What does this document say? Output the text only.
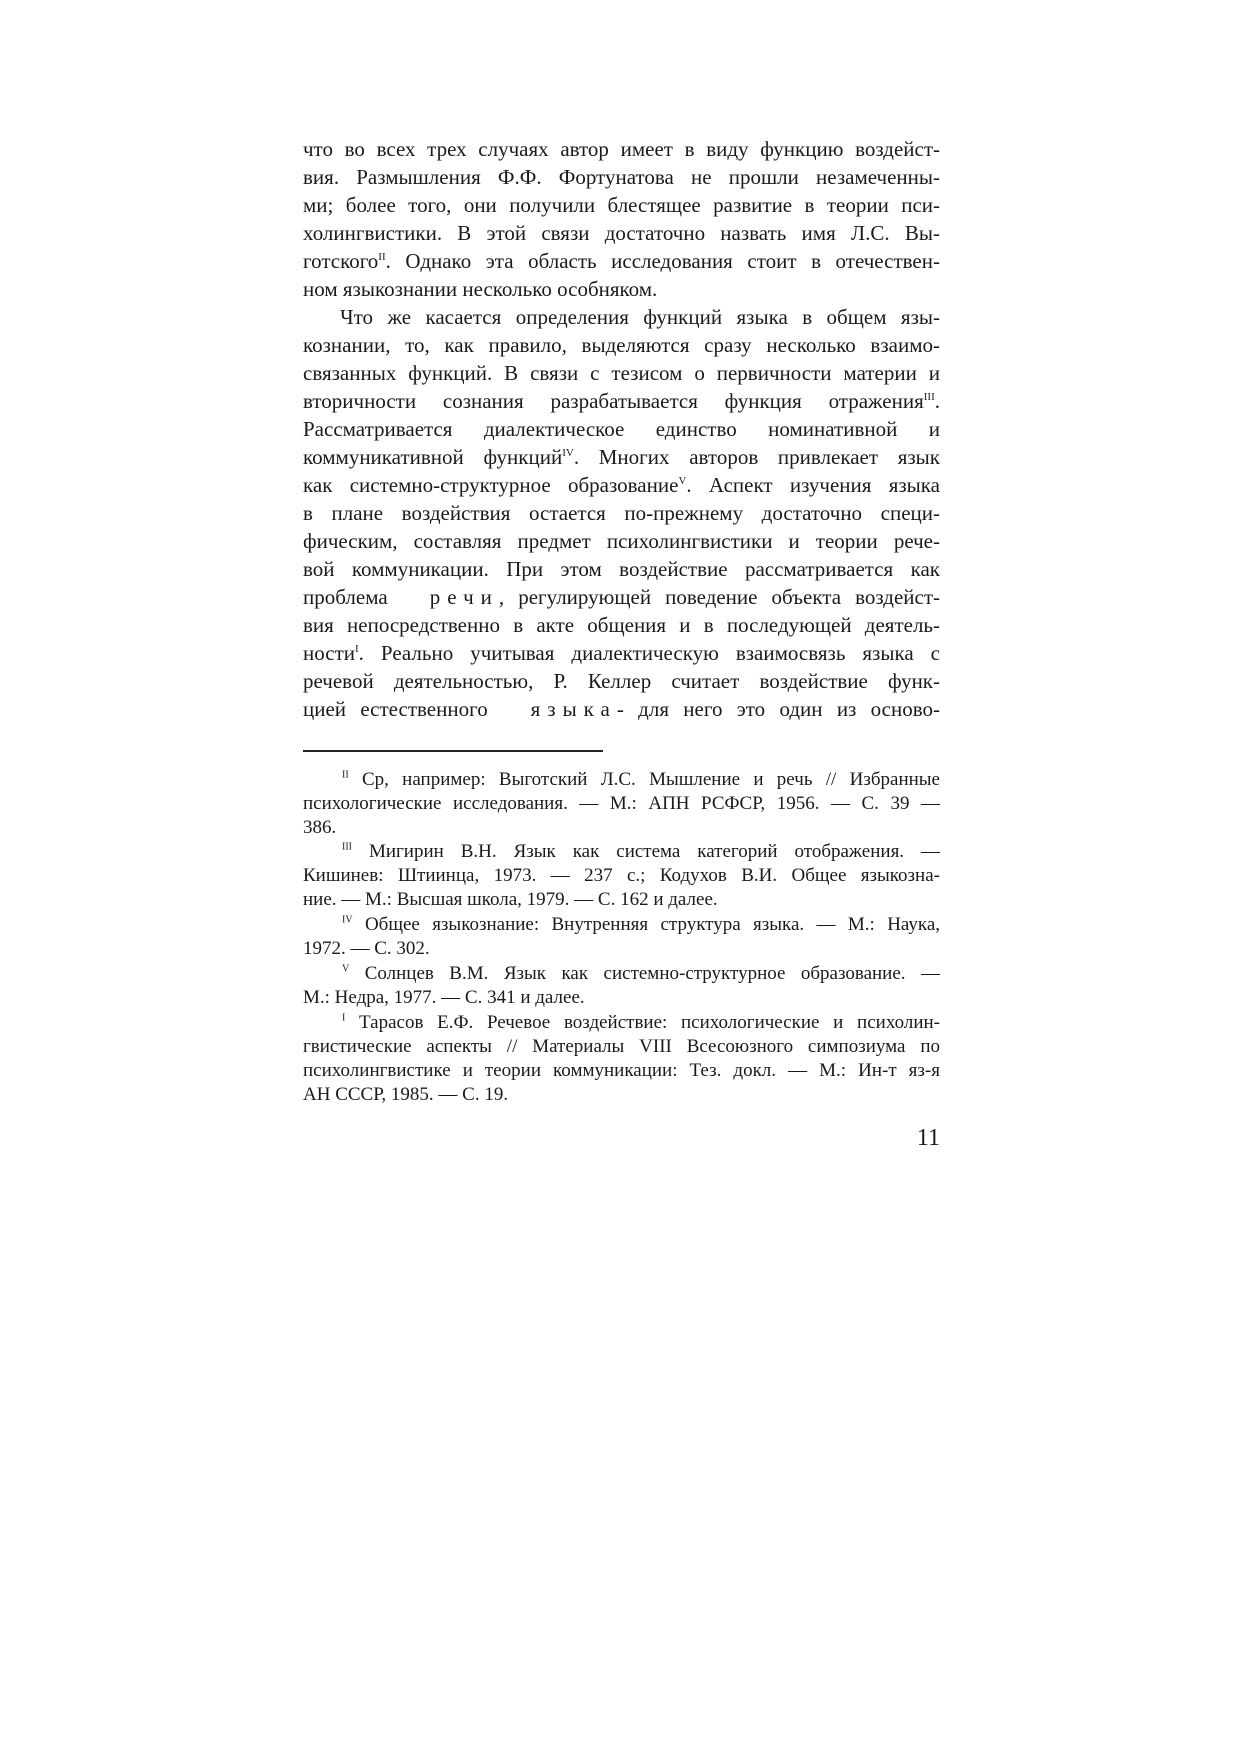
что во всех трех случаях автор имеет в виду функцию воздейст-
вия. Размышления Ф.Ф. Фортунатова не прошли незамеченны-
ми; более того, они получили блестящее развитие в теории пси-
холингвистики. В этой связи достаточно назвать имя Л.С. Вы-
готского$^{II}$. Однако эта область исследования стоит в отечествен-
ном языкознании несколько особняком.
Что же касается определения функций языка в общем язы-
кознании, то, как правило, выделяются сразу несколько взаимо-
связанных функций. В связи с тезисом о первичности материи и
вторичности сознания разрабатывается функция отражения$^{III}$.
Рассматривается диалектическое единство номинативной и
коммуникативной функций$^{IV}$. Многих авторов привлекает язык
как системно-структурное образование$^V$. Аспект изучения языка
в плане воздействия остается по-прежнему достаточно специ-
фическим, составляя предмет психолингвистики и теории рече-
вой коммуникации. При этом воздействие рассматривается как
проблема речи, регулирующей поведение объекта воздейст-
вия непосредственно в акте общения и в последующей деятель-
ности$^I$. Реально учитывая диалектическую взаимосвязь языка с
речевой деятельностью, Р. Келлер считает воздействие функ-
цией естественного языка- для него это один из осново-
$^{II}$ Ср, например: Выготский Л.С. Мышление и речь // Избранные
психологические исследования. — М.: АПН РСФСР, 1956. — С. 39 —
386.
$^{III}$ Мигирин В.Н. Язык как система категорий отображения. —
Кишинев: Штиинца, 1973. — 237 с.; Кодухов В.И. Общее языкозна-
ние. — М.: Высшая школа, 1979. — С. 162 и далее.
$^{IV}$ Общее языкознание: Внутренняя структура языка. — М.: Наука,
1972. — С. 302.
$^V$ Солнцев В.М. Язык как системно-структурное образование. —
М.: Недра, 1977. — С. 341 и далее.
$^I$ Тарасов Е.Ф. Речевое воздействие: психологические и психолин-
гвистические аспекты // Материалы VIII Всесоюзного симпозиума по
психолингвистике и теории коммуникации: Тез. докл. — М.: Ин-т яз-я
АН СССР, 1985. — С. 19.
11
